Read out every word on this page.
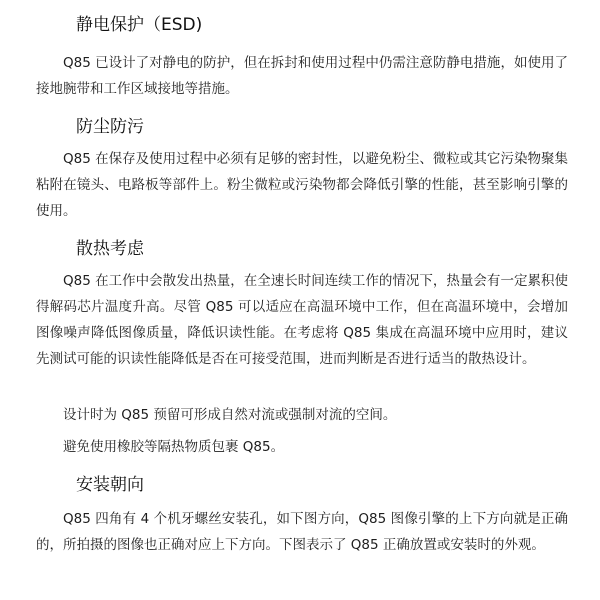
静电保护（ESD)

Q85 已设计了对静电的防护，但在拆封和使用过程中仍需注意防静电措施，如使用了接地腕带和工作区域接地等措施。

防尘防污

Q85 在保存及使用过程中必须有足够的密封性，以避免粉尘、微粒或其它污染物聚集粘附在镜头、电路板等部件上。粉尘微粒或污染物都会降低引擎的性能，甚至影响引擎的使用。

散热考虑

Q85 在工作中会散发出热量，在全速长时间连续工作的情况下，热量会有一定累积使得解码芯片温度升高。尽管 Q85 可以适应在高温环境中工作，但在高温环境中，会增加图像噪声降低图像质量，降低识读性能。在考虑将 Q85 集成在高温环境中应用时，建议先测试可能的识读性能降低是否在可接受范围，进而判断是否进行适当的散热设计。

设计时为 Q85 预留可形成自然对流或强制对流的空间。

避免使用橡胶等隔热物质包裹 Q85。

安装朝向

Q85 四角有 4 个机牙螺丝安装孔，如下图方向，Q85 图像引擎的上下方向就是正确的，所拍摄的图像也正确对应上下方向。下图表示了 Q85 正确放置或安装时的外观。
